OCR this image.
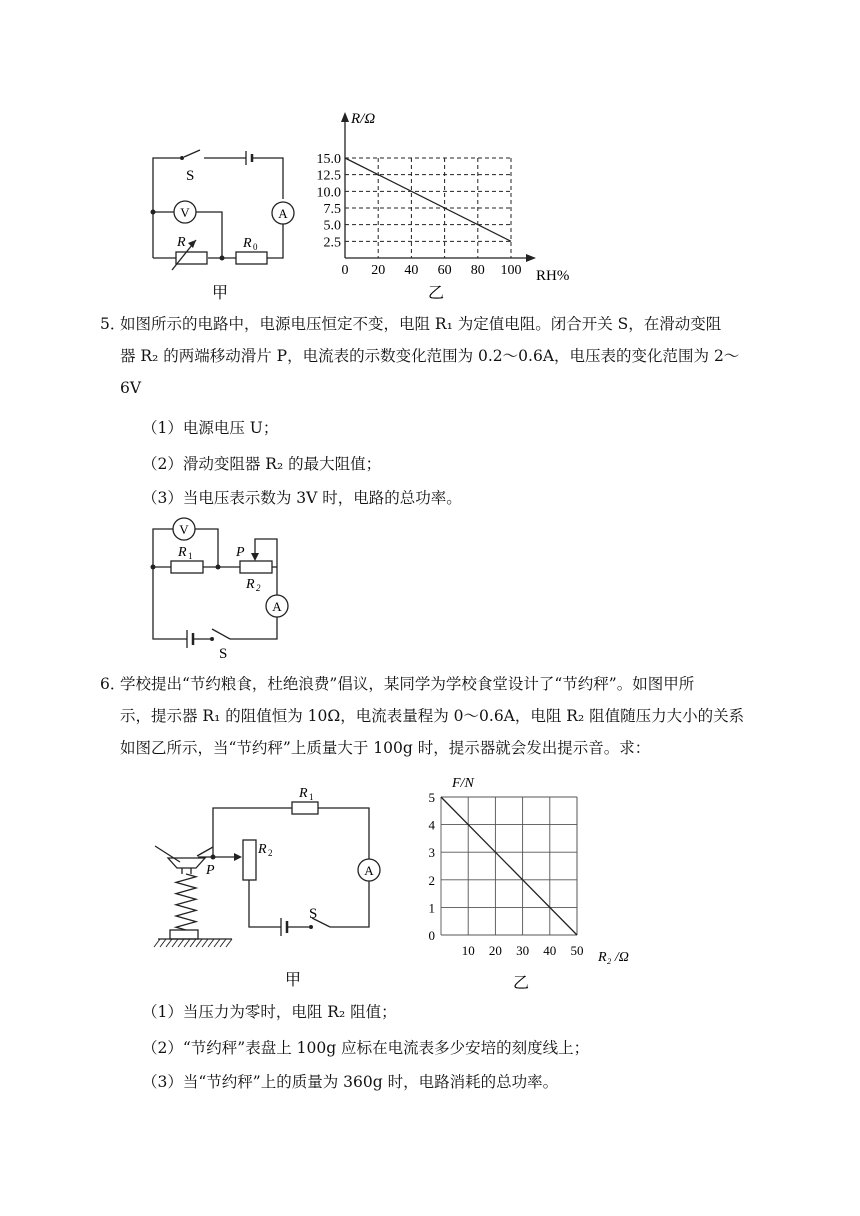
A
R 0
R
V
S
甲
R/Ω
RH%
0 20 40 60 80 100
2.5
5.0
7.5
10.0
12.5
15.0
乙
5．
如图所示的电路中，电源电压恒定不变，电阻 R₁ 为定值电阻。闭合开关 S，在滑动变阻
器 R₂ 的两端移动滑片 P，电流表的示数变化范围为 0.2～0.6A，电压表的变化范围为 2～
6V
（1）电源电压 U；
（2）滑动变阻器 R₂ 的最大阻值；
（3）当电压表示数为 3V 时，电路的总功率。
V
R 1	P
R 2
A
S
6．
学校提出“节约粮食，杜绝浪费”倡议，某同学为学校食堂设计了“节约秤”。如图甲所
示，提示器 R₁ 的阻值恒为 10Ω，电流表量程为 0～0.6A，电阻 R₂ 阻值随压力大小的关系
如图乙所示，当“节约秤”上质量大于 100g 时，提示器就会发出提示音。求：
P
R 2
R 1
A
S
甲
F/N
R₂ /Ω
0
1
2
3
4
5
10 20 30 40 50
乙
（1）当压力为零时，电阻 R₂ 阻值；
（2）“节约秤”表盘上 100g 应标在电流表多少安培的刻度线上；
（3）当“节约秤”上的质量为 360g 时，电路消耗的总功率。
